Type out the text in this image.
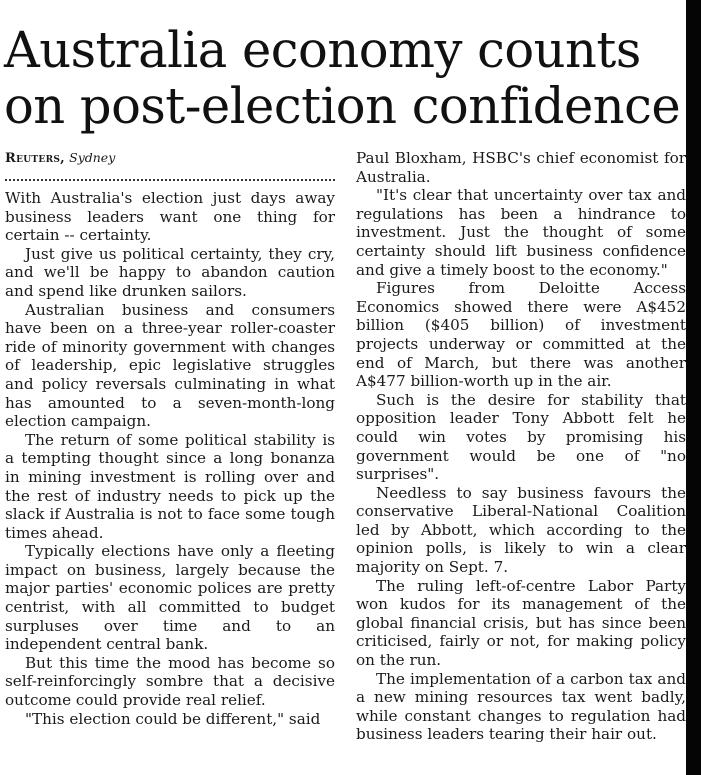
Australia economy counts
on post-election confidence
Reuters, Sydney

With Australia's election just days away business leaders want one thing for certain -- certainty.

Just give us political certainty, they cry, and we'll be happy to abandon caution and spend like drunken sailors.

Australian business and consumers have been on a three-year roller-coaster ride of minority government with changes of leadership, epic legislative struggles and policy reversals culminating in what has amounted to a seven-month-long election campaign.

The return of some political stability is a tempting thought since a long bonanza in mining investment is rolling over and the rest of industry needs to pick up the slack if Australia is not to face some tough times ahead.

Typically elections have only a fleeting impact on business, largely because the major parties' economic polices are pretty centrist, with all committed to budget surpluses over time and to an independent central bank.

But this time the mood has become so self-reinforcingly sombre that a decisive outcome could provide real relief.

"This election could be different," said

Paul Bloxham, HSBC's chief economist for Australia.

"It's clear that uncertainty over tax and regulations has been a hindrance to investment. Just the thought of some certainty should lift business confidence and give a timely boost to the economy."

Figures from Deloitte Access Economics showed there were A$452 billion ($405 billion) of investment projects underway or committed at the end of March, but there was another A$477 billion-worth up in the air.

Such is the desire for stability that opposition leader Tony Abbott felt he could win votes by promising his government would be one of "no surprises".

Needless to say business favours the conservative Liberal-National Coalition led by Abbott, which according to the opinion polls, is likely to win a clear majority on Sept. 7.

The ruling left-of-centre Labor Party won kudos for its management of the global financial crisis, but has since been criticised, fairly or not, for making policy on the run.

The implementation of a carbon tax and a new mining resources tax went badly, while constant changes to regulation had business leaders tearing their hair out.
